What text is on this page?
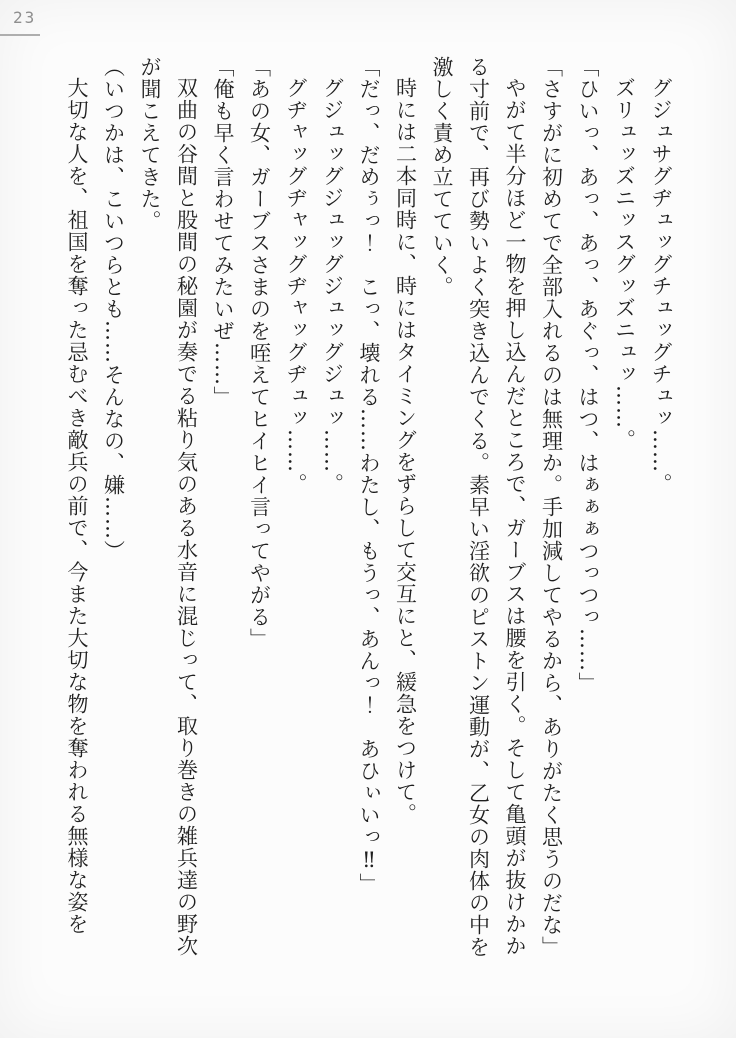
23

グジュサグヂュッグチュッグチュッ……。

ズリュッズニッスグッズニュッ……。

「ひいっ、あっ、あっ、あぐっ、はつ、はぁぁぁつっつっ……」

「さすがに初めてで全部入れるのは無理か。手加減してやるから、ありがたく思うのだな」

やがて半分ほど一物を押し込んだところで、ガーブスは腰を引く。そして亀頭が抜けかかる寸前で、再び勢いよく突き込んでくる。素早い淫欲のピストン運動が、乙女の肉体の中を激しく責め立てていく。

時には二本同時に、時にはタイミングをずらして交互にと、緩急をつけて。

「だっ、だめぅっ！　こっ、壊れる……わたし、もうっ、あんっ！　あひぃいっ‼」

グジュッグジュッグジュッグジュッ……。

グヂャッグヂャッグヂャッグヂュッ……。

「あの女、ガーブスさまのを咥えてヒイヒイ言ってやがる」

「俺も早く言わせてみたいぜ……」

双曲の谷間と股間の秘園が奏でる粘り気のある水音に混じって、取り巻きの雑兵達の野次が聞こえてきた。

（いつかは、こいつらとも……そんなの、嫌……）

大切な人を、祖国を奪った忌むべき敵兵の前で、今また大切な物を奪われる無様な姿を
